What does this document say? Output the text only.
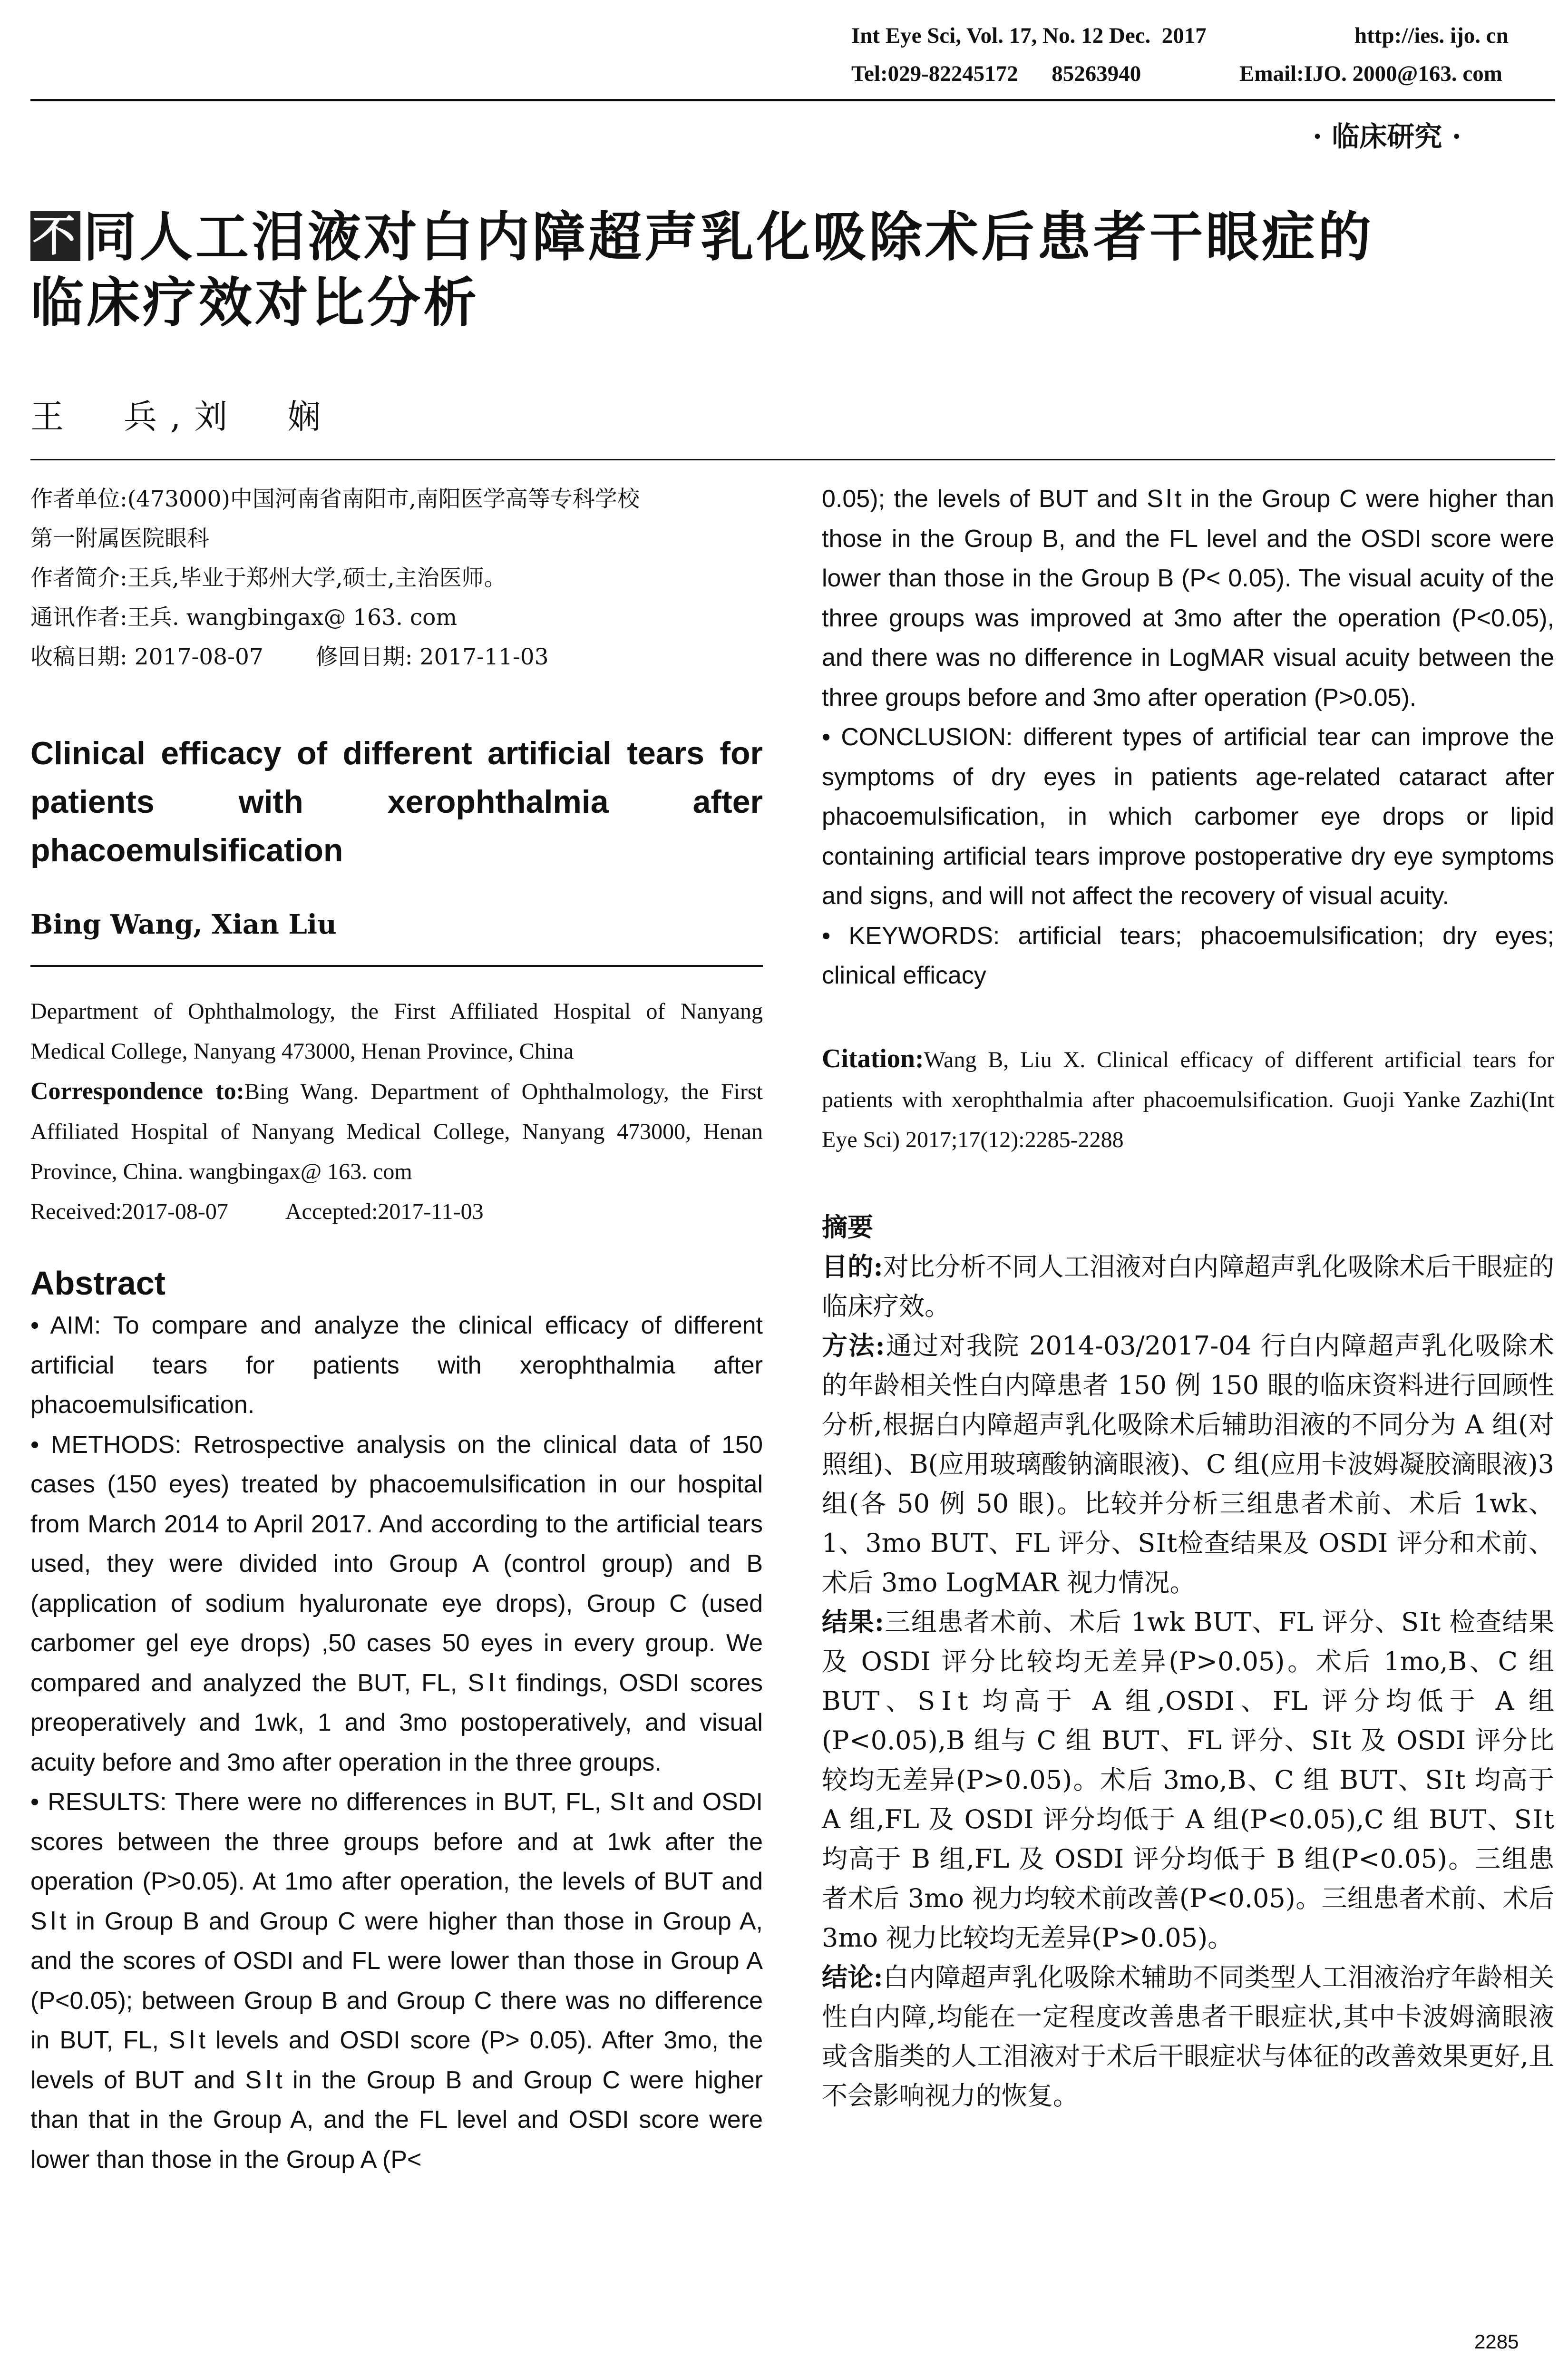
Int Eye Sci, Vol. 17, No. 12 Dec.  2017	http://ies. ijo. cn
Tel:029-82245172      85263940	Email:IJO. 2000@163. com
· 临床研究 ·
不同人工泪液对白内障超声乳化吸除术后患者干眼症的
临床疗效对比分析
王　兵,刘　娴
作者单位:(473000)中国河南省南阳市,南阳医学高等专科学校
第一附属医院眼科
作者简介:王兵,毕业于郑州大学,硕士,主治医师。
通讯作者:王兵. wangbingax@ 163. com
收稿日期: 2017-08-07 修回日期: 2017-11-03
Clinical efficacy of different artificial tears for patients with xerophthalmia after phacoemulsification
Bing Wang, Xian Liu
Department of Ophthalmology, the First Affiliated Hospital of Nanyang Medical College, Nanyang 473000, Henan Province, China
Correspondence to:Bing Wang. Department of Ophthalmology, the First Affiliated Hospital of Nanyang Medical College, Nanyang 473000, Henan Province, China. wangbingax@ 163. com
Received:2017-08-07	Accepted:2017-11-03
Abstract
• AIM: To compare and analyze the clinical efficacy of different artificial tears for patients with xerophthalmia after phacoemulsification.
• METHODS: Retrospective analysis on the clinical data of 150 cases (150 eyes) treated by phacoemulsification in our hospital from March 2014 to April 2017. And according to the artificial tears used, they were divided into Group A (control group) and B (application of sodium hyaluronate eye drops), Group C (used carbomer gel eye drops) ,50 cases 50 eyes in every group. We compared and analyzed the BUT, FL, SⅠt findings, OSDI scores preoperatively and 1wk, 1 and 3mo postoperatively, and visual acuity before and 3mo after operation in the three groups.
• RESULTS: There were no differences in BUT, FL, SⅠt and OSDI scores between the three groups before and at 1wk after the operation (P>0.05). At 1mo after operation, the levels of BUT and SⅠt in Group B and Group C were higher than those in Group A, and the scores of OSDI and FL were lower than those in Group A (P<0.05); between Group B and Group C there was no difference in BUT, FL, SⅠt levels and OSDI score (P> 0.05). After 3mo, the levels of BUT and SⅠt in the Group B and Group C were higher than that in the Group A, and the FL level and OSDI score were lower than those in the Group A (P<
0.05); the levels of BUT and SⅠt in the Group C were higher than those in the Group B, and the FL level and the OSDI score were lower than those in the Group B (P< 0.05). The visual acuity of the three groups was improved at 3mo after the operation (P<0.05), and there was no difference in LogMAR visual acuity between the three groups before and 3mo after operation (P>0.05).
• CONCLUSION: different types of artificial tear can improve the symptoms of dry eyes in patients age-related cataract after phacoemulsification, in which carbomer eye drops or lipid containing artificial tears improve postoperative dry eye symptoms and signs, and will not affect the recovery of visual acuity.
• KEYWORDS: artificial tears; phacoemulsification; dry eyes; clinical efficacy
Citation:Wang B, Liu X. Clinical efficacy of different artificial tears for patients with xerophthalmia after phacoemulsification. Guoji Yanke Zazhi(Int Eye Sci) 2017;17(12):2285-2288
摘要
目的:对比分析不同人工泪液对白内障超声乳化吸除术后干眼症的临床疗效。
方法:通过对我院 2014-03/2017-04 行白内障超声乳化吸除术的年龄相关性白内障患者 150 例 150 眼的临床资料进行回顾性分析,根据白内障超声乳化吸除术后辅助泪液的不同分为 A 组(对照组)、B(应用玻璃酸钠滴眼液)、C 组(应用卡波姆凝胶滴眼液)3 组(各 50 例 50 眼)。比较并分析三组患者术前、术后 1wk、1、3mo BUT、FL 评分、SⅠt检查结果及 OSDI 评分和术前、术后 3mo LogMAR 视力情况。
结果:三组患者术前、术后 1wk BUT、FL 评分、SⅠt 检查结果及 OSDI 评分比较均无差异(P>0.05)。术后 1mo,B、C 组 BUT、SⅠt 均高于 A 组,OSDI、FL 评分均低于 A 组(P<0.05),B 组与 C 组 BUT、FL 评分、SⅠt 及 OSDI 评分比较均无差异(P>0.05)。术后 3mo,B、C 组 BUT、SⅠt 均高于 A 组,FL 及 OSDI 评分均低于 A 组(P<0.05),C 组 BUT、SⅠt均高于 B 组,FL 及 OSDI 评分均低于 B 组(P<0.05)。三组患者术后 3mo 视力均较术前改善(P<0.05)。三组患者术前、术后 3mo 视力比较均无差异(P>0.05)。
结论:白内障超声乳化吸除术辅助不同类型人工泪液治疗年龄相关性白内障,均能在一定程度改善患者干眼症状,其中卡波姆滴眼液或含脂类的人工泪液对于术后干眼症状与体征的改善效果更好,且不会影响视力的恢复。
2285
